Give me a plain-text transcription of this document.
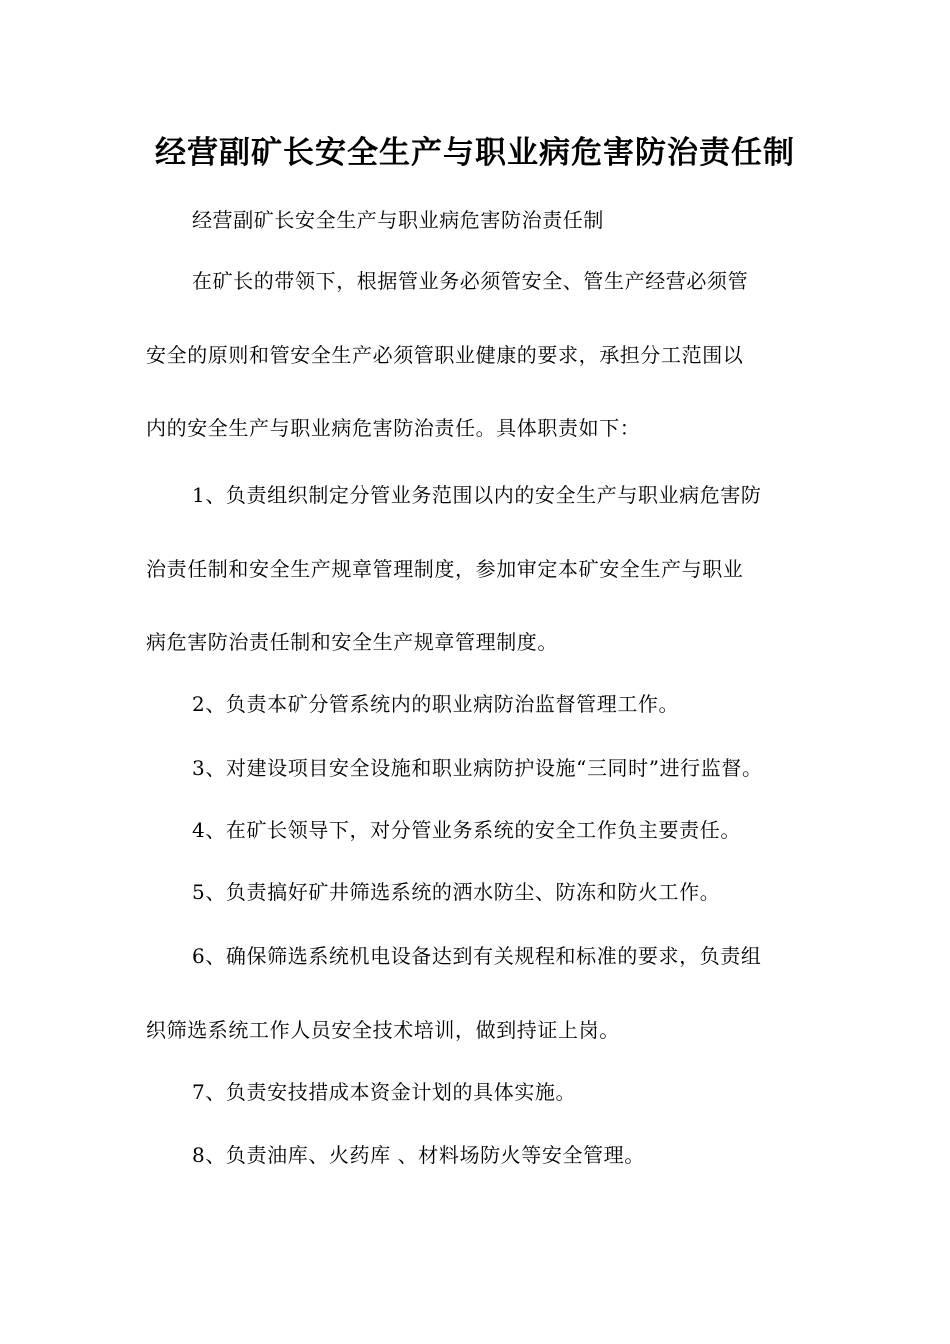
经营副矿长安全生产与职业病危害防治责任制
经营副矿长安全生产与职业病危害防治责任制
在矿长的带领下，根据管业务必须管安全、管生产经营必须管
安全的原则和管安全生产必须管职业健康的要求，承担分工范围以
内的安全生产与职业病危害防治责任。具体职责如下：
1、负责组织制定分管业务范围以内的安全生产与职业病危害防
治责任制和安全生产规章管理制度，参加审定本矿安全生产与职业
病危害防治责任制和安全生产规章管理制度。
2、负责本矿分管系统内的职业病防治监督管理工作。
3、对建设项目安全设施和职业病防护设施“三同时”进行监督。
4、在矿长领导下，对分管业务系统的安全工作负主要责任。
5、负责搞好矿井筛选系统的洒水防尘、防冻和防火工作。
6、确保筛选系统机电设备达到有关规程和标准的要求，负责组
织筛选系统工作人员安全技术培训，做到持证上岗。
7、负责安技措成本资金计划的具体实施。
8、负责油库、火药库 、材料场防火等安全管理。
